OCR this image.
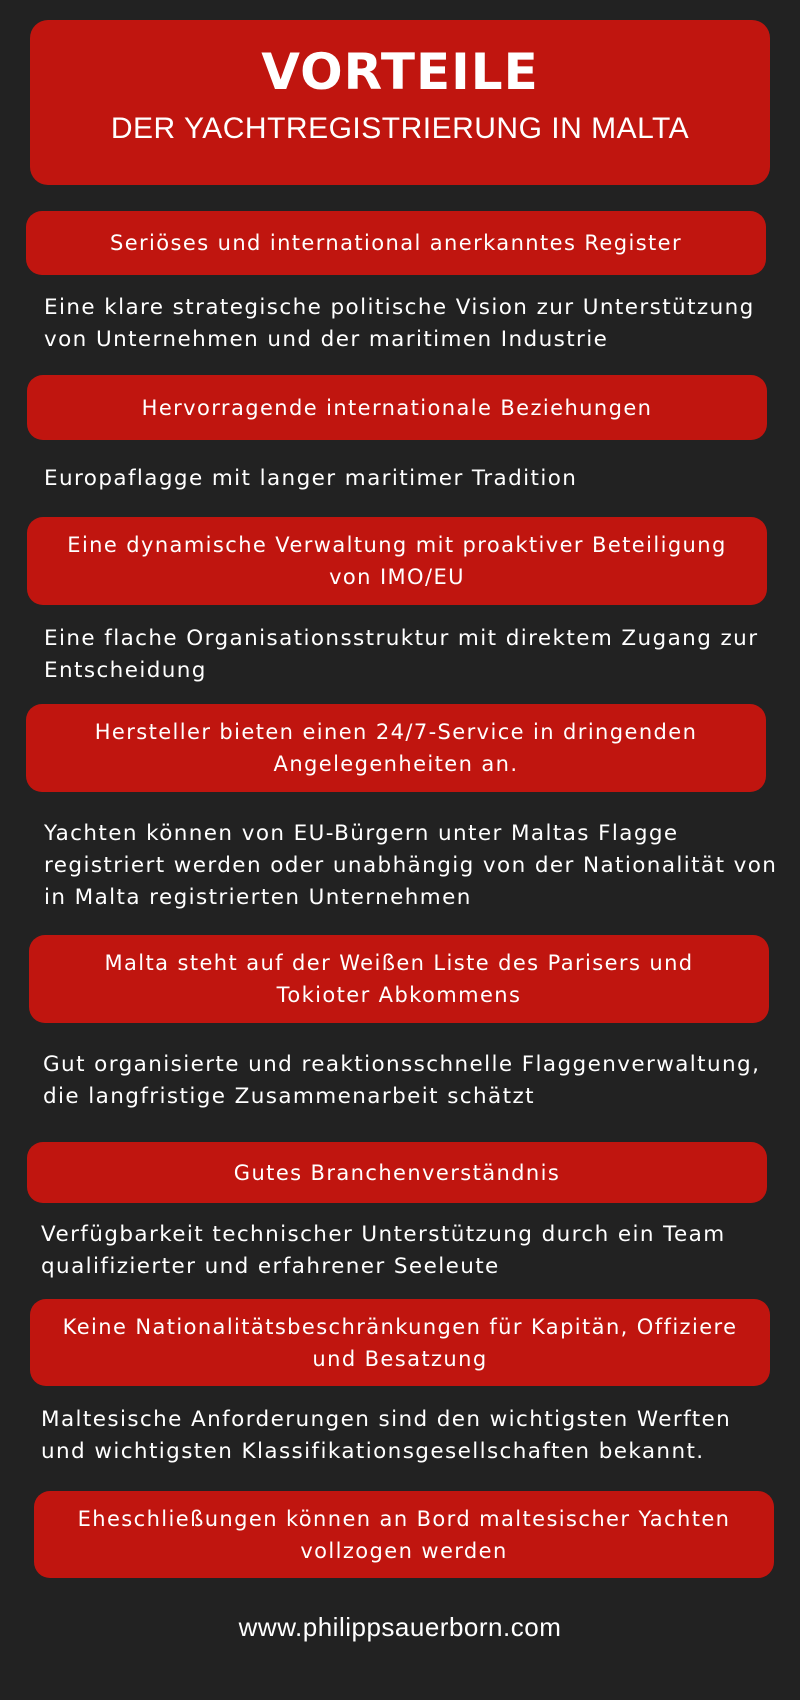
VORTEILE
DER YACHTREGISTRIERUNG IN MALTA
Seriöses und international anerkanntes Register
Eine klare strategische politische Vision zur Unterstützung von Unternehmen und der maritimen Industrie
Hervorragende internationale Beziehungen
Europaflagge mit langer maritimer Tradition
Eine dynamische Verwaltung mit proaktiver Beteiligung von IMO/EU
Eine flache Organisationsstruktur mit direktem Zugang zur Entscheidung
Hersteller bieten einen 24/7-Service in dringenden Angelegenheiten an.
Yachten können von EU-Bürgern unter Maltas Flagge registriert werden oder unabhängig von der Nationalität von in Malta registrierten Unternehmen
Malta steht auf der Weißen Liste des Parisers und Tokioter Abkommens
Gut organisierte und reaktionsschnelle Flaggenverwaltung, die langfristige Zusammenarbeit schätzt
Gutes Branchenverständnis
Verfügbarkeit technischer Unterstützung durch ein Team qualifizierter und erfahrener Seeleute
Keine Nationalitätsbeschränkungen für Kapitän, Offiziere und Besatzung
Maltesische Anforderungen sind den wichtigsten Werften und wichtigsten Klassifikationsgesellschaften bekannt.
Eheschließungen können an Bord maltesischer Yachten vollzogen werden
www.philippsauerborn.com
